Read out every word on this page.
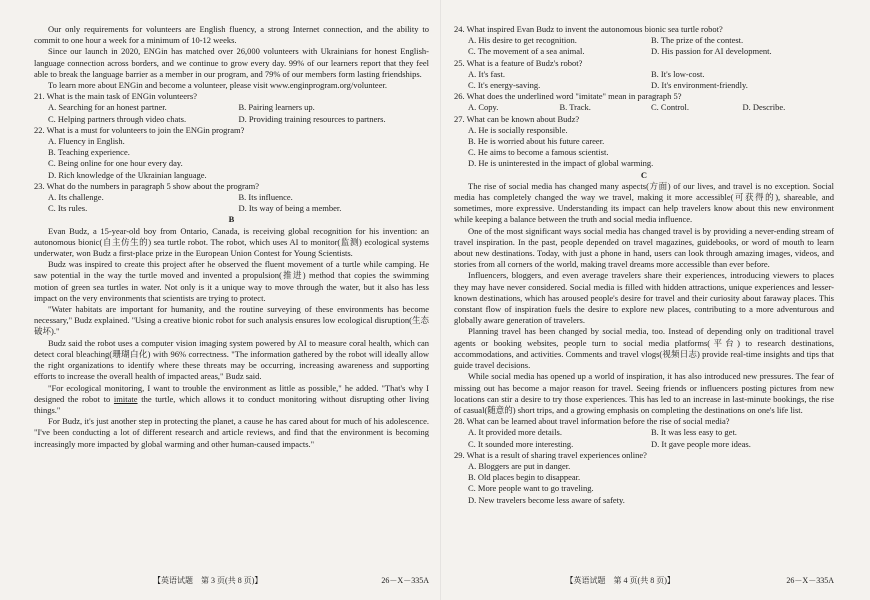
Our only requirements for volunteers are English fluency, a strong Internet connection, and the ability to commit to one hour a week for a minimum of 10-12 weeks.

Since our launch in 2020, ENGin has matched over 26,000 volunteers with Ukrainians for honest English-language connection across borders, and we continue to grow every day. 99% of our learners report that they feel able to break the language barrier as a member in our program, and 79% of our members form lasting friendships.

To learn more about ENGin and become a volunteer, please visit www.enginprogram.org/volunteer.

21. What is the main task of ENGin volunteers?

A. Searching for an honest partner.	B. Pairing learners up.
C. Helping partners through video chats.	D. Providing training resources to partners.

22. What is a must for volunteers to join the ENGin program?

A. Fluency in English.
B. Teaching experience.
C. Being online for one hour every day.
D. Rich knowledge of the Ukrainian language.

23. What do the numbers in paragraph 5 show about the program?

A. Its challenge.	B. Its influence.
C. Its rules.	D. Its way of being a member.

B

Evan Budz, a 15-year-old boy from Ontario, Canada, is receiving global recognition for his invention: an autonomous bionic(自主仿生的) sea turtle robot. The robot, which uses AI to monitor(监测) ecological systems underwater, won Budz a first-place prize in the European Union Contest for Young Scientists.

Budz was inspired to create this project after he observed the fluent movement of a turtle while camping. He saw potential in the way the turtle moved and invented a propulsion(推进) method that copies the swimming motion of green sea turtles in water. Not only is it a unique way to move through the water, but it also has less impact on the very environments that scientists are trying to protect.

"Water habitats are important for humanity, and the routine surveying of these environments has become necessary," Budz explained. "Using a creative bionic robot for such analysis ensures low ecological disruption(生态破坏)."

Budz said the robot uses a computer vision imaging system powered by AI to measure coral health, which can detect coral bleaching(珊瑚白化) with 96% correctness. "The information gathered by the robot will ideally allow the right organizations to identify where these threats may be occurring, increasing awareness and supporting efforts to increase the overall health of impacted areas," Budz said.

"For ecological monitoring, I want to trouble the environment as little as possible," he added. "That's why I designed the robot to imitate the turtle, which allows it to conduct monitoring without disrupting other living things."

For Budz, it's just another step in protecting the planet, a cause he has cared about for much of his adolescence. "I've been conducting a lot of different research and article reviews, and find that the environment is becoming increasingly more impacted by global warming and other human-caused impacts."

【英语试题　第 3 页(共 8 页)】	26－X－335A

24. What inspired Evan Budz to invent the autonomous bionic sea turtle robot?

A. His desire to get recognition.	B. The prize of the contest.
C. The movement of a sea animal.	D. His passion for AI development.

25. What is a feature of Budz's robot?

A. It's fast.	B. It's low-cost.
C. It's energy-saving.	D. It's environment-friendly.

26. What does the underlined word "imitate" mean in paragraph 5?

A. Copy.	B. Track.	C. Control.	D. Describe.

27. What can be known about Budz?

A. He is socially responsible.
B. He is worried about his future career.
C. He aims to become a famous scientist.
D. He is uninterested in the impact of global warming.

C

The rise of social media has changed many aspects(方面) of our lives, and travel is no exception. Social media has completely changed the way we travel, making it more accessible(可获得的), shareable, and sometimes, more expressive. Understanding its impact can help travelers know about this new environment while keeping a balance between the truth and social media influence.

One of the most significant ways social media has changed travel is by providing a never-ending stream of travel inspiration. In the past, people depended on travel magazines, guidebooks, or word of mouth to learn about new destinations. Today, with just a phone in hand, users can look through amazing images, videos, and stories from all corners of the world, making travel dreams more accessible than ever before.

Influencers, bloggers, and even average travelers share their experiences, introducing viewers to places they may have never considered. Social media is filled with hidden attractions, unique experiences and lesser-known destinations, which has aroused people's desire for travel and their curiosity about faraway places. This constant flow of inspiration fuels the desire to explore new places, contributing to a more adventurous and globally aware generation of travelers.

Planning travel has been changed by social media, too. Instead of depending only on traditional travel agents or booking websites, people turn to social media platforms(平台) to research destinations, accommodations, and activities. Comments and travel vlogs(视频日志) provide real-time insights and tips that guide travel decisions.

While social media has opened up a world of inspiration, it has also introduced new pressures. The fear of missing out has become a major reason for travel. Seeing friends or influencers posting pictures from new locations can stir a desire to try those experiences. This has led to an increase in last-minute bookings, the rise of casual(随意的) short trips, and a growing emphasis on completing the destinations on one's life list.

28. What can be learned about travel information before the rise of social media?

A. It provided more details.	B. It was less easy to get.
C. It sounded more interesting.	D. It gave people more ideas.

29. What is a result of sharing travel experiences online?

A. Bloggers are put in danger.
B. Old places begin to disappear.
C. More people want to go traveling.
D. New travelers become less aware of safety.
【英语试题　第 4 页(共 8 页)】	26－X－335A
